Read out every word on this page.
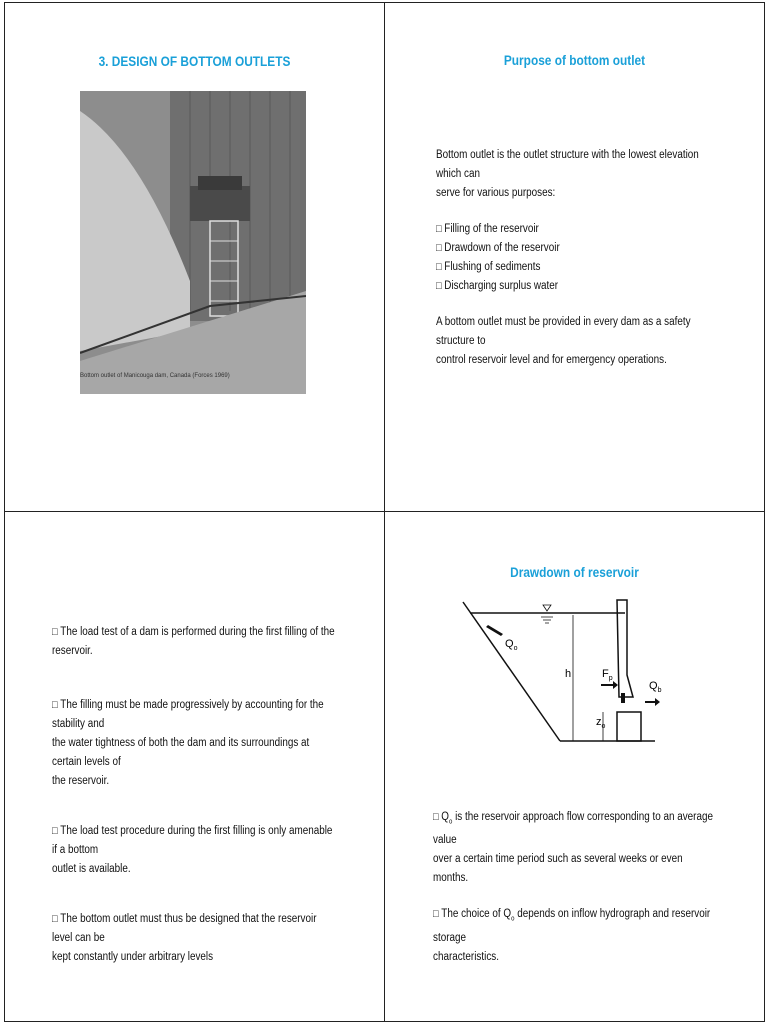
3. DESIGN OF BOTTOM OUTLETS
Bottom outlet of Manicouga dam, Canada (Forces 1969)
Purpose of bottom outlet
Bottom outlet is the outlet structure with the lowest elevation which can
serve for various purposes:
□ Filling of the reservoir
□ Drawdown of the reservoir
□ Flushing of sediments
□ Discharging surplus water
A bottom outlet must be provided in every dam as a safety structure to
control reservoir level and for emergency operations.
□ The load test of a dam is performed during the first filling of the reservoir.
□ The filling must be made progressively by accounting for the stability and
the water tightness of both the dam and its surroundings at certain levels of
the reservoir.
□ The load test procedure during the first filling is only amenable if a bottom
outlet is available.
□ The bottom outlet must thus be designed that the reservoir level can be
kept constantly under arbitrary levels
Drawdown of reservoir
$Q_o$
h	$F_p$
$Q_b$
$z_o$
□ $Q_o$ is the reservoir approach flow corresponding to an average value
over a certain time period such as several weeks or even months.
□ The choice of $Q_o$ depends on inflow hydrograph and reservoir storage
characteristics.
